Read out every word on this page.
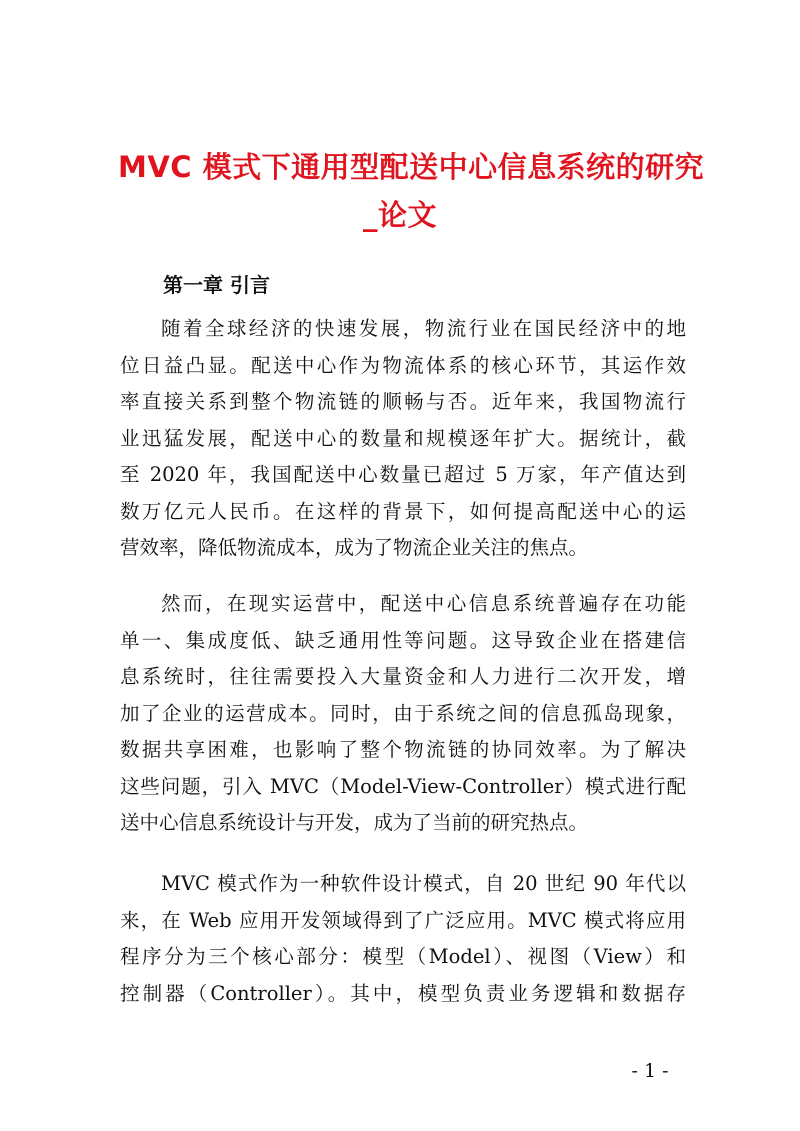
MVC 模式下通用型配送中心信息系统的研究
_论文
第一章 引言
随着全球经济的快速发展，物流行业在国民经济中的地
位日益凸显。配送中心作为物流体系的核心环节，其运作效
率直接关系到整个物流链的顺畅与否。近年来，我国物流行
业迅猛发展，配送中心的数量和规模逐年扩大。据统计，截
至 2020 年，我国配送中心数量已超过 5 万家，年产值达到
数万亿元人民币。在这样的背景下，如何提高配送中心的运
营效率，降低物流成本，成为了物流企业关注的焦点。
然而，在现实运营中，配送中心信息系统普遍存在功能
单一、集成度低、缺乏通用性等问题。这导致企业在搭建信
息系统时，往往需要投入大量资金和人力进行二次开发，增
加了企业的运营成本。同时，由于系统之间的信息孤岛现象，
数据共享困难，也影响了整个物流链的协同效率。为了解决
这些问题，引入 MVC（Model-View-Controller）模式进行配
送中心信息系统设计与开发，成为了当前的研究热点。
MVC 模式作为一种软件设计模式，自 20 世纪 90 年代以
来，在 Web 应用开发领域得到了广泛应用。MVC 模式将应用
程序分为三个核心部分：模型（Model）、视图（View）和
控制器（Controller）。其中，模型负责业务逻辑和数据存
- 1 -
